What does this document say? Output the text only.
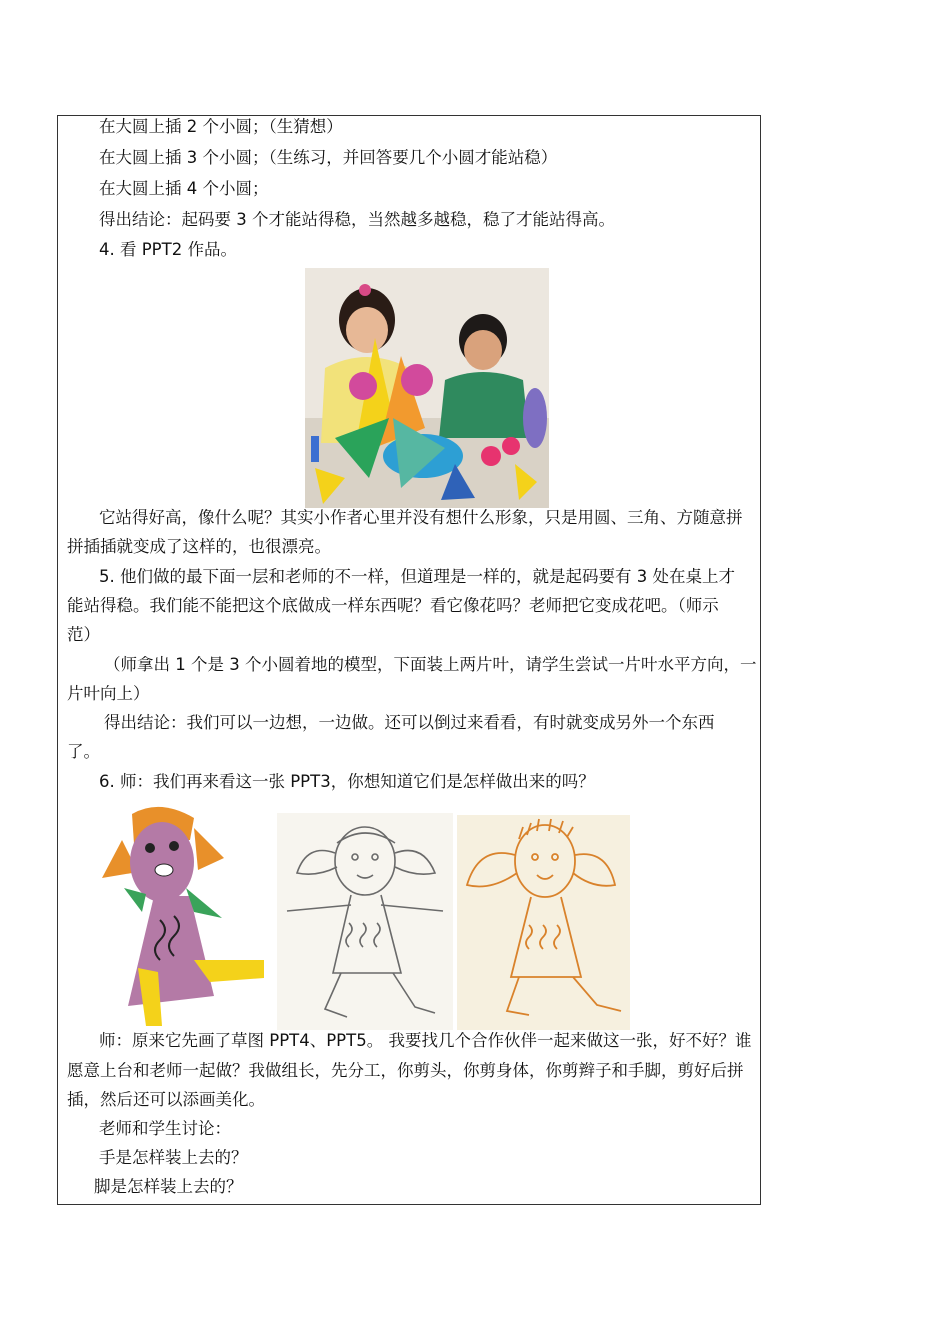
在大圆上插 2 个小圆；（生猜想）
在大圆上插 3 个小圆；（生练习，并回答要几个小圆才能站稳）
在大圆上插 4 个小圆；
得出结论：起码要 3 个才能站得稳，当然越多越稳，稳了才能站得高。
4. 看 PPT2 作品。
它站得好高，像什么呢？其实小作者心里并没有想什么形象，只是用圆、三角、方随意拼
拼插插就变成了这样的，也很漂亮。
5. 他们做的最下面一层和老师的不一样，但道理是一样的，就是起码要有 3 处在桌上才
能站得稳。我们能不能把这个底做成一样东西呢？看它像花吗？老师把它变成花吧。（师示
范）
（师拿出 1 个是 3 个小圆着地的模型，下面装上两片叶，请学生尝试一片叶水平方向，一
片叶向上）
得出结论：我们可以一边想，一边做。还可以倒过来看看，有时就变成另外一个东西
了。
6. 师：我们再来看这一张 PPT3，你想知道它们是怎样做出来的吗？
师：原来它先画了草图 PPT4、PPT5。 我要找几个合作伙伴一起来做这一张，好不好？谁
愿意上台和老师一起做？我做组长，先分工，你剪头，你剪身体，你剪辫子和手脚，剪好后拼
插，然后还可以添画美化。
老师和学生讨论：
手是怎样装上去的？
脚是怎样装上去的？
